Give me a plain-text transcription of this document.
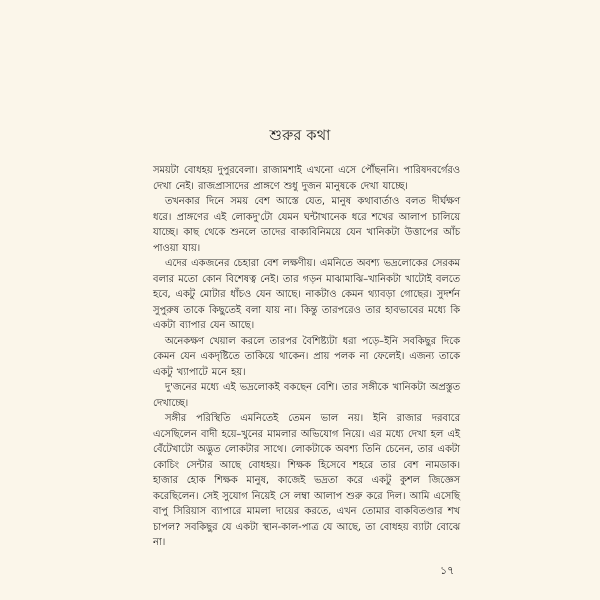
শুরুর কথা

সময়টা বোধহয় দুপুরবেলা। রাজামশাই এখনো এসে পৌঁছননি। পারিষদবর্গেরও দেখা নেই। রাজপ্রাসাদের প্রাঙ্গণে শুধু দুজন মানুষকে দেখা যাচ্ছে।

তখনকার দিনে সময় বেশ আস্তে যেত, মানুষ কথাবার্তাও বলত দীর্ঘক্ষণ ধরে। প্রাঙ্গণের এই লোকদু'টো যেমন ঘন্টাখানেক ধরে শখের আলাপ চালিয়ে যাচ্ছে। কাছ থেকে শুনলে তাদের বাক্যবিনিময়ে যেন খানিকটা উত্তাপের আঁচ পাওয়া যায়।

এদের একজনের চেহারা বেশ লক্ষণীয়। এমনিতে অবশ্য ভদ্রলোকের সেরকম বলার মতো কোন বিশেষত্ব নেই। তার গড়ন মাঝামাঝি–খানিকটা খাটোই বলতে হবে, একটু মোটার ধাঁচও যেন আছে। নাকটাও কেমন থ্যাবড়া গোছের। সুদর্শন সুপুরুষ তাকে কিছুতেই বলা যায় না। কিন্তু তারপরেও তার হাবভাবের মধ্যে কি একটা ব্যাপার যেন আছে।

অনেকক্ষণ খেয়াল করলে তারপর বৈশিষ্ট্যটা ধরা পড়ে–ইনি সবকিছুর দিকে কেমন যেন একদৃষ্টিতে তাকিয়ে থাকেন। প্রায় পলক না ফেলেই। এজন্য তাকে একটু খ্যাপাটে মনে হয়।

দু'জনের মধ্যে এই ভদ্রলোকই বকছেন বেশি। তার সঙ্গীকে খানিকটা অপ্রস্তুত দেখাচ্ছে।

সঙ্গীর পরিস্থিতি এমনিতেই তেমন ভাল নয়। ইনি রাজার দরবারে এসেছিলেন বাদী হয়ে–খুনের মামলার অভিযোগ নিয়ে। এর মধ্যে দেখা হল এই বেঁটেখাটো অদ্ভুত লোকটার সাথে। লোকটাকে অবশ্য তিনি চেনেন, তার একটা কোচিং সেন্টার আছে বোধহয়। শিক্ষক হিসেবে শহরে তার বেশ নামডাক। হাজার হোক শিক্ষক মানুষ, কাজেই ভদ্রতা করে একটু কুশল জিজ্ঞেস করেছিলেন। সেই সুযোগ নিয়েই সে লম্বা আলাপ শুরু করে দিল। আমি এসেছি বাপু সিরিয়াস ব্যাপারে মামলা দায়ের করতে, এখন তোমার বাকবিতণ্ডার শখ চাপল? সবকিছুর যে একটা স্থান-কাল-পাত্র যে আছে, তা বোধহয় ব্যাটা বোঝে না।

১৭
